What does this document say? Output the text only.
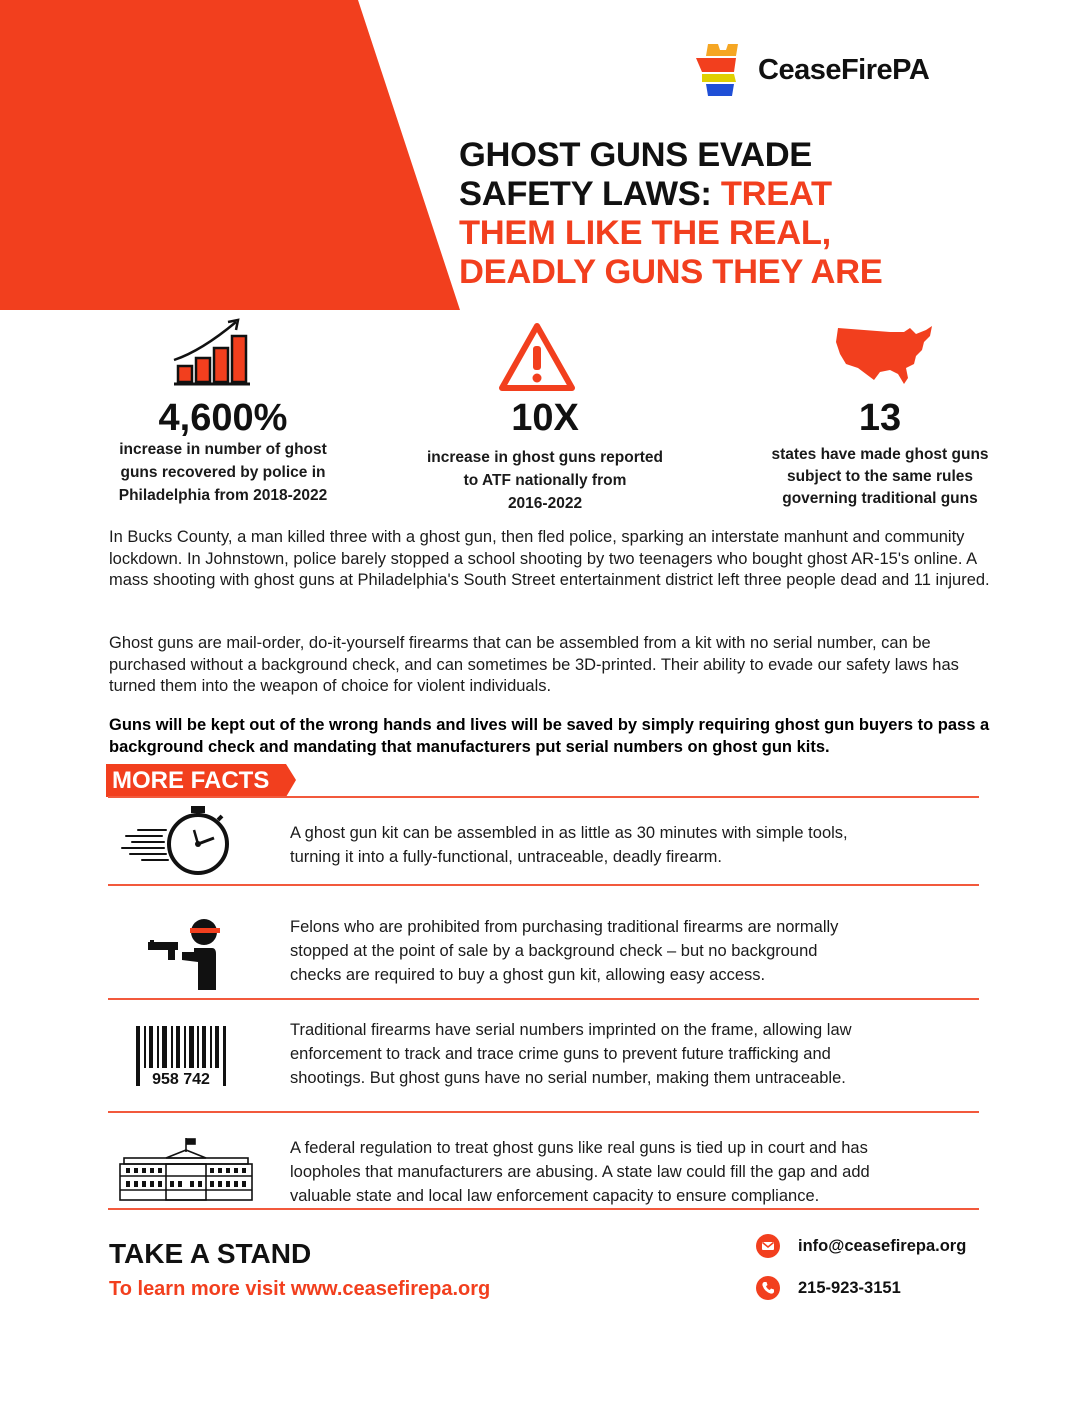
CeaseFirePA
GHOST GUNS EVADE
SAFETY LAWS: TREAT
THEM LIKE THE REAL,
DEADLY GUNS THEY ARE
4,600%
increase in number of ghost
guns recovered by police in
Philadelphia from 2018-2022
10X
increase in ghost guns reported
to ATF nationally from
2016-2022
13
states have made ghost guns
subject to the same rules
governing traditional guns

In Bucks County, a man killed three with a ghost gun, then fled police, sparking an interstate manhunt and community lockdown. In Johnstown, police barely stopped a school shooting by two teenagers who bought ghost AR-15's online. A mass shooting with ghost guns at Philadelphia's South Street entertainment district left three people dead and 11 injured.

Ghost guns are mail-order, do-it-yourself firearms that can be assembled from a kit with no serial number, can be purchased without a background check, and can sometimes be 3D-printed. Their ability to evade our safety laws has turned them into the weapon of choice for violent individuals.

Guns will be kept out of the wrong hands and lives will be saved by simply requiring ghost gun buyers to pass a background check and mandating that manufacturers put serial numbers on ghost gun kits.

MORE FACTS
958 742
A ghost gun kit can be assembled in as little as 30 minutes with simple tools,
turning it into a fully-functional, untraceable, deadly firearm.
Felons who are prohibited from purchasing traditional firearms are normally
stopped at the point of sale by a background check – but no background
checks are required to buy a ghost gun kit, allowing easy access.
Traditional firearms have serial numbers imprinted on the frame, allowing law
enforcement to track and trace crime guns to prevent future trafficking and
shootings. But ghost guns have no serial number, making them untraceable.
A federal regulation to treat ghost guns like real guns is tied up in court and has
loopholes that manufacturers are abusing. A state law could fill the gap and add
valuable state and local law enforcement capacity to ensure compliance.
TAKE A STAND
To learn more visit www.ceasefirepa.org
info@ceasefirepa.org
215-923-3151
